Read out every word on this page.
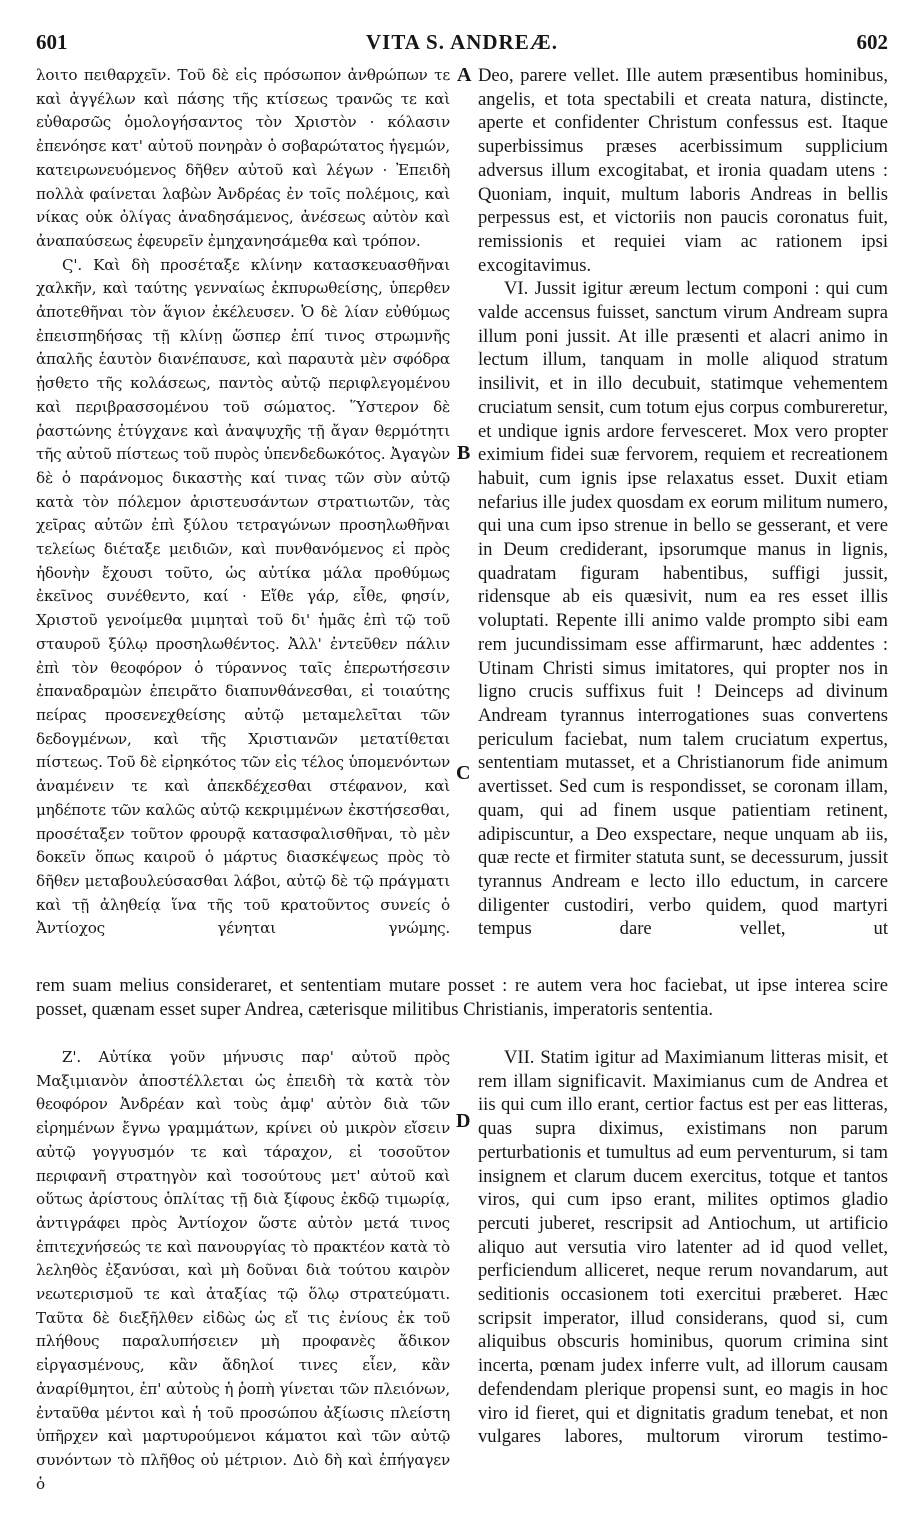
601	VITA S. ANDREÆ.	602
A
B
C
D

λοιτο πειθαρχεῖν. Τοῦ δὲ εἰς πρόσωπον ἀνθρώπων τε καὶ ἀγγέλων καὶ πάσης τῆς κτίσεως τρανῶς τε καὶ εὐθαρσῶς ὁμολογήσαντος τὸν Χριστὸν · κόλασιν ἐπενόησε κατ' αὐτοῦ πονηρὰν ὁ σοβαρώτατος ἡγεμών, κατειρωνευόμενος δῆθεν αὐτοῦ καὶ λέγων · Ἐπειδὴ πολλὰ φαίνεται λαβὼν Ἀνδρέας ἐν τοῖς πολέμοις, καὶ νίκας οὐκ ὀλίγας ἀναδησάμενος, ἀνέσεως αὐτὸν καὶ ἀναπαύσεως ἐφευρεῖν ἐμηχανησάμεθα καὶ τρόπον.

Ϛ'. Καὶ δὴ προσέταξε κλίνην κατασκευασθῆναι χαλκῆν, καὶ ταύτης γενναίως ἐκπυρωθείσης, ὑπερθεν ἀποτεθῆναι τὸν ἅγιον ἐκέλευσεν. Ὁ δὲ λίαν εὐθύμως ἐπεισπηδήσας τῇ κλίνῃ ὥσπερ ἐπί τινος στρωμνῆς ἁπαλῆς ἑαυτὸν διανέπαυσε, καὶ παραυτὰ μὲν σφόδρα ᾐσθετο τῆς κολάσεως, παντὸς αὐτῷ περιφλεγομένου καὶ περιβρασσομένου τοῦ σώματος. Ὕστερον δὲ ῥαστώνης ἐτύγχανε καὶ ἀναψυχῆς τῇ ἄγαν θερμότητι τῆς αὐτοῦ πίστεως τοῦ πυρὸς ὑπενδεδωκότος. Ἀγαγὼν δὲ ὁ παράνομος δικαστὴς καί τινας τῶν σὺν αὐτῷ κατὰ τὸν πόλεμον ἀριστευσάντων στρατιωτῶν, τὰς χεῖρας αὐτῶν ἐπὶ ξύλου τετραγώνων προσηλωθῆναι τελείως διέταξε μειδιῶν, καὶ πυνθανόμενος εἰ πρὸς ἡδονὴν ἔχουσι τοῦτο, ὡς αὐτίκα μάλα προθύμως ἐκεῖνος συνέθεντο, καί · Εἴθε γάρ, εἶθε, φησίν, Χριστοῦ γενοίμεθα μιμηταὶ τοῦ δι' ἡμᾶς ἐπὶ τῷ τοῦ σταυροῦ ξύλῳ προσηλωθέντος. Ἀλλ' ἐντεῦθεν πάλιν ἐπὶ τὸν θεοφόρον ὁ τύραννος ταῖς ἐπερωτήσεσιν ἐπαναδραμὼν ἐπειρᾶτο διαπυνθάνεσθαι, εἰ τοιαύτης πείρας προσενεχθείσης αὐτῷ μεταμελεῖται τῶν δεδογμένων, καὶ τῆς Χριστιανῶν μετατίθεται πίστεως. Τοῦ δὲ εἰρηκότος τῶν εἰς τέλος ὑπομενόντων ἀναμένειν τε καὶ ἀπεκδέχεσθαι στέφανον, καὶ μηδέποτε τῶν καλῶς αὐτῷ κεκριμμένων ἐκστήσεσθαι, προσέταξεν τοῦτον φρουρᾷ κατασφαλισθῆναι, τὸ μὲν δοκεῖν ὅπως καιροῦ ὁ μάρτυς διασκέψεως πρὸς τὸ δῆθεν μεταβουλεύσασθαι λάβοι, αὐτῷ δὲ τῷ πράγματι καὶ τῇ ἀληθείᾳ ἵνα τῆς τοῦ κρατοῦντος συνείς ὁ Ἀντίοχος γένηται γνώμης.

Deo, parere vellet. Ille autem præsentibus hominibus, angelis, et tota spectabili et creata natura, distincte, aperte et confidenter Christum confessus est. Itaque superbissimus præses acerbissimum supplicium adversus illum excogitabat, et ironia quadam utens : Quoniam, inquit, multum laboris Andreas in bellis perpessus est, et victoriis non paucis coronatus fuit, remissionis et requiei viam ac rationem ipsi excogitavimus.

VI. Jussit igitur æreum lectum componi : qui cum valde accensus fuisset, sanctum virum Andream supra illum poni jussit. At ille præsenti et alacri animo in lectum illum, tanquam in molle aliquod stratum insilivit, et in illo decubuit, statimque vehementem cruciatum sensit, cum totum ejus corpus combureretur, et undique ignis ardore fervesceret. Mox vero propter eximium fidei suæ fervorem, requiem et recreationem habuit, cum ignis ipse relaxatus esset. Duxit etiam nefarius ille judex quosdam ex eorum militum numero, qui una cum ipso strenue in bello se gesserant, et vere in Deum crediderant, ipsorumque manus in lignis, quadratam figuram habentibus, suffigi jussit, ridensque ab eis quæsivit, num ea res esset illis voluptati. Repente illi animo valde prompto sibi eam rem jucundissimam esse affirmarunt, hæc addentes : Utinam Christi simus imitatores, qui propter nos in ligno crucis suffixus fuit ! Deinceps ad divinum Andream tyrannus interrogationes suas convertens periculum faciebat, num talem cruciatum expertus, sententiam mutasset, et a Christianorum fide animum avertisset. Sed cum is respondisset, se coronam illam, quam, qui ad finem usque patientiam retinent, adipiscuntur, a Deo exspectare, neque unquam ab iis, quæ recte et firmiter statuta sunt, se decessurum, jussit tyrannus Andream e lecto illo eductum, in carcere diligenter custodiri, verbo quidem, quod martyri tempus dare vellet, ut

rem suam melius consideraret, et sententiam mutare posset : re autem vera hoc faciebat, ut ipse interea scire posset, quænam esset super Andrea, cæterisque militibus Christianis, imperatoris sententia.

Ζ'. Αὐτίκα γοῦν μήνυσις παρ' αὐτοῦ πρὸς Μαξιμιανὸν ἀποστέλλεται ὡς ἐπειδὴ τὰ κατὰ τὸν θεοφόρον Ἀνδρέαν καὶ τοὺς ἀμφ' αὐτὸν διὰ τῶν εἰρημένων ἔγνω γραμμάτων, κρίνει οὐ μικρὸν εἴσειν αὐτῷ γογγυσμόν τε καὶ τάραχον, εἰ τοσοῦτον περιφανῆ στρατηγὸν καὶ τοσούτους μετ' αὐτοῦ καὶ οὕτως ἀρίστους ὁπλίτας τῇ διὰ ξίφους ἐκδῷ τιμωρίᾳ, ἀντιγράφει πρὸς Ἀντίοχον ὥστε αὐτὸν μετά τινος ἐπιτεχνήσεώς τε καὶ πανουργίας τὸ πρακτέον κατὰ τὸ λεληθὸς ἐξανύσαι, καὶ μὴ δοῦναι διὰ τούτου καιρὸν νεωτερισμοῦ τε καὶ ἀταξίας τῷ ὅλῳ στρατεύματι. Ταῦτα δὲ διεξῆλθεν εἰδὼς ὡς εἴ τις ἐνίους ἐκ τοῦ πλήθους παραλυπήσειεν μὴ προφανὲς ἄδικον εἰργασμένους, κἂν ἄδηλοί τινες εἶεν, κἂν ἀναρίθμητοι, ἐπ' αὐτοὺς ἡ ῥοπὴ γίνεται τῶν πλειόνων, ἐνταῦθα μέντοι καὶ ἡ τοῦ προσώπου ἀξίωσις πλείστη ὑπῆρχεν καὶ μαρτυρούμενοι κάματοι καὶ τῶν αὐτῷ συνόντων τὸ πλῆθος οὐ μέτριον. Διὸ δὴ καὶ ἐπήγαγεν ὁ

VII. Statim igitur ad Maximianum litteras misit, et rem illam significavit. Maximianus cum de Andrea et iis qui cum illo erant, certior factus est per eas litteras, quas supra diximus, existimans non parum perturbationis et tumultus ad eum perventurum, si tam insignem et clarum ducem exercitus, totque et tantos viros, qui cum ipso erant, milites optimos gladio percuti juberet, rescripsit ad Antiochum, ut artificio aliquo aut versutia viro latenter ad id quod vellet, perficiendum alliceret, neque rerum novandarum, aut seditionis occasionem toti exercitui præberet. Hæc scripsit imperator, illud considerans, quod si, cum aliquibus obscuris hominibus, quorum crimina sint incerta, pœnam judex inferre vult, ad illorum causam defendendam plerique propensi sunt, eo magis in hoc viro id fieret, qui et dignitatis gradum tenebat, et non vulgares labores, multorum virorum testimo-
